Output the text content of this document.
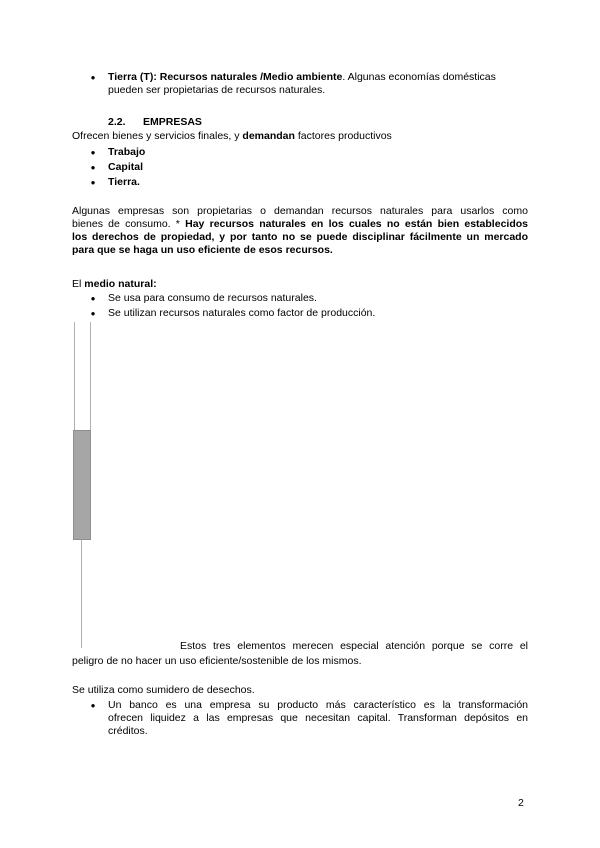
●	Tierra (T): Recursos naturales /Medio ambiente. Algunas economías domésticas
pueden ser propietarias de recursos naturales.
2.2. EMPRESAS
Ofrecen bienes y servicios finales, y demandan factores productivos
●	Trabajo
●	Capital
●	Tierra.
Algunas empresas son propietarias o demandan recursos naturales para usarlos como
bienes de consumo. * Hay recursos naturales en los cuales no están bien establecidos
los derechos de propiedad, y por tanto no se puede disciplinar fácilmente un mercado
para que se haga un uso eficiente de esos recursos.
El medio natural:
●	Se usa para consumo de recursos naturales.
●	Se utilizan recursos naturales como factor de producción.
Estos tres elementos merecen especial atención porque se corre el
peligro de no hacer un uso eficiente/sostenible de los mismos.
Se utiliza como sumidero de desechos.
●	Un banco es una empresa su producto más característico es la transformación
ofrecen liquidez a las empresas que necesitan capital. Transforman depósitos en
créditos.
2
